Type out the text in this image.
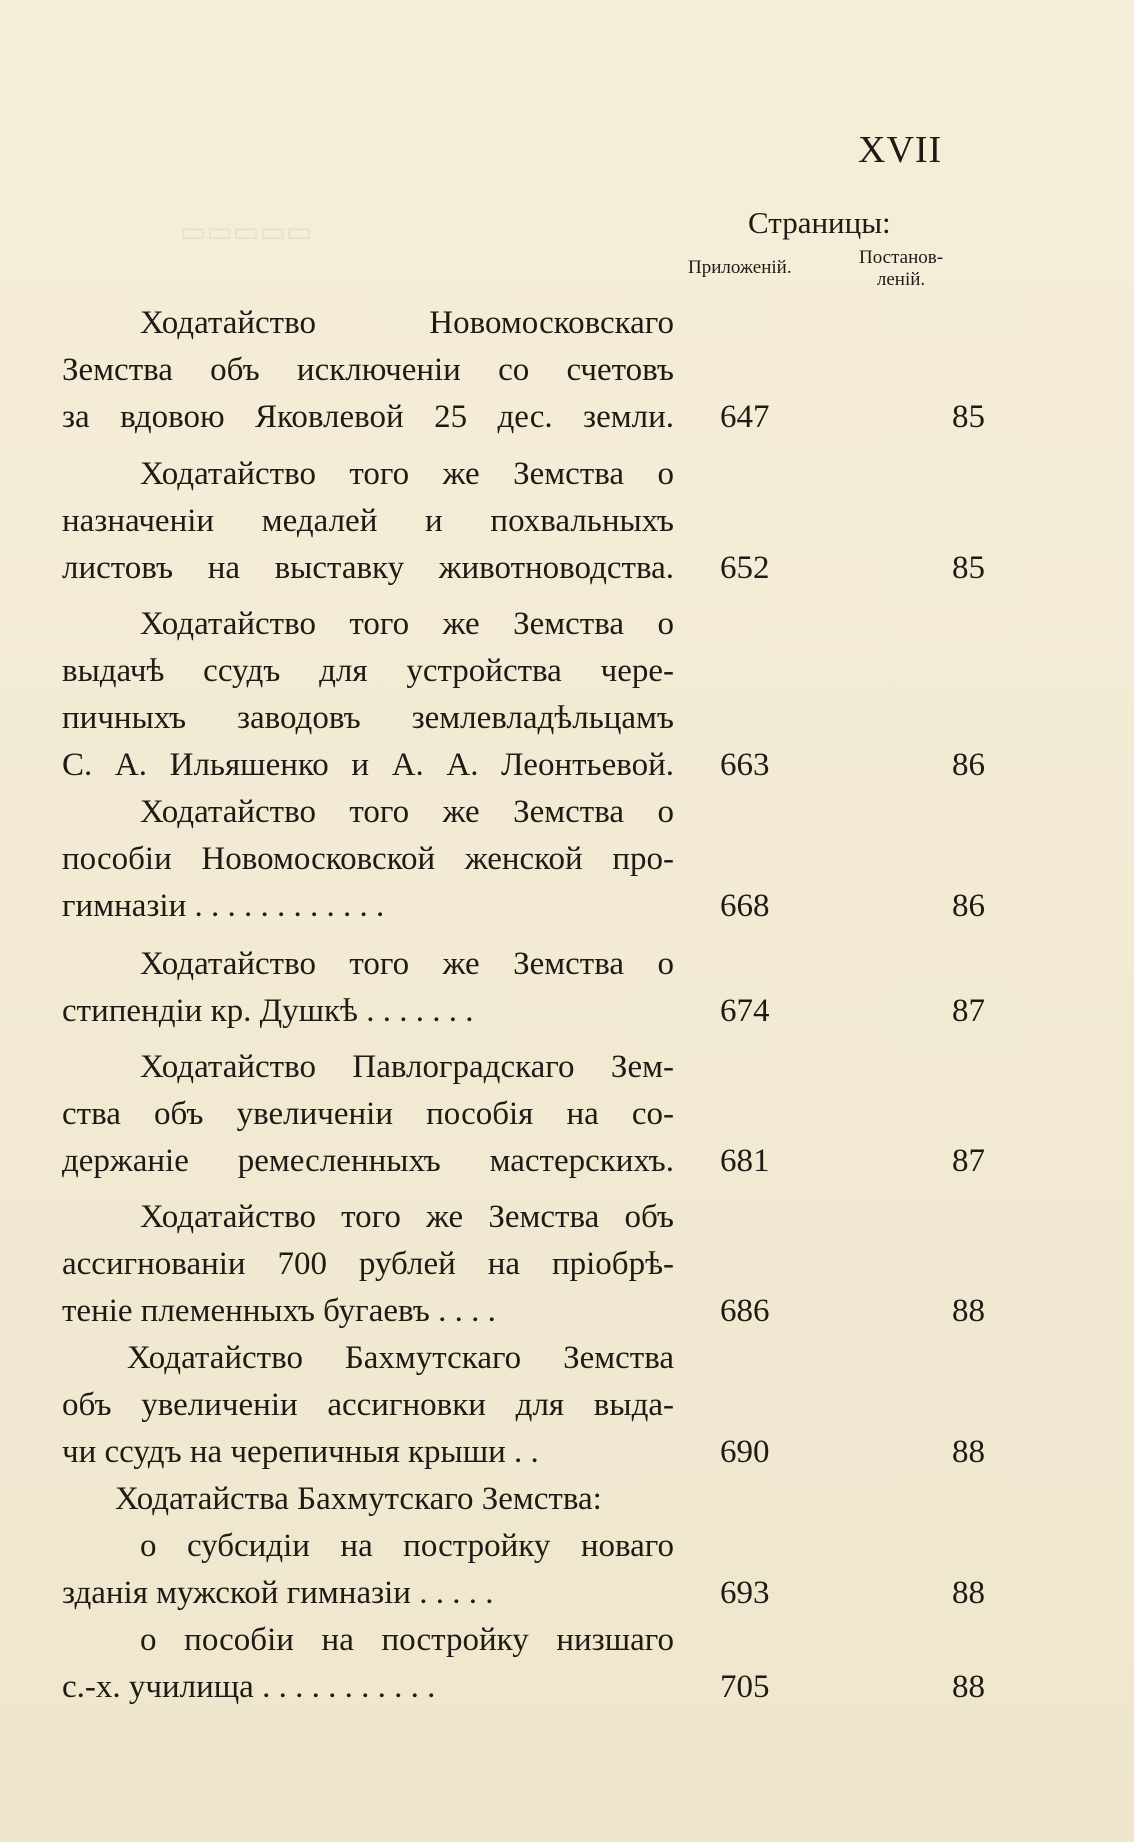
▭▭▭▭▭
XVII
Страницы:
Приложеній.	Постанов-
леній.
Ходатайство Новомосковскаго
Земства объ исключеніи со счетовъ
за вдовою Яковлевой 25 дес. земли. 647	85
Ходатайство того же Земства о
назначеніи медалей и похвальныхъ
листовъ на выставку животноводства. 652	85
Ходатайство того же Земства о
выдачѣ ссудъ для устройства чере-
пичныхъ заводовъ землевладѣльцамъ
С. А. Ильяшенко и А. А. Леонтьевой. 663	86
Ходатайство того же Земства о
пособіи Новомосковской женской про-
гимназіи . . . . . . . . . . . .	668	86
Ходатайство того же Земства о
стипендіи кр. Душкѣ . . . . . . .	674	87
Ходатайство Павлоградскаго Зем-
ства объ увеличеніи пособія на со-
держаніе ремесленныхъ мастерскихъ. 681	87
Ходатайство того же Земства объ
ассигнованіи 700 рублей на пріобрѣ-
теніе племенныхъ бугаевъ . . . .	686	88
Ходатайство Бахмутскаго Земства
объ увеличеніи ассигновки для выда-
чи ссудъ на черепичныя крыши . .	690	88
Ходатайства Бахмутскаго Земства:
о субсидіи на постройку новаго
зданія мужской гимназіи . . . . .	693	88
о пособіи на постройку низшаго
с.-х. училища . . . . . . . . . . .	705	88
